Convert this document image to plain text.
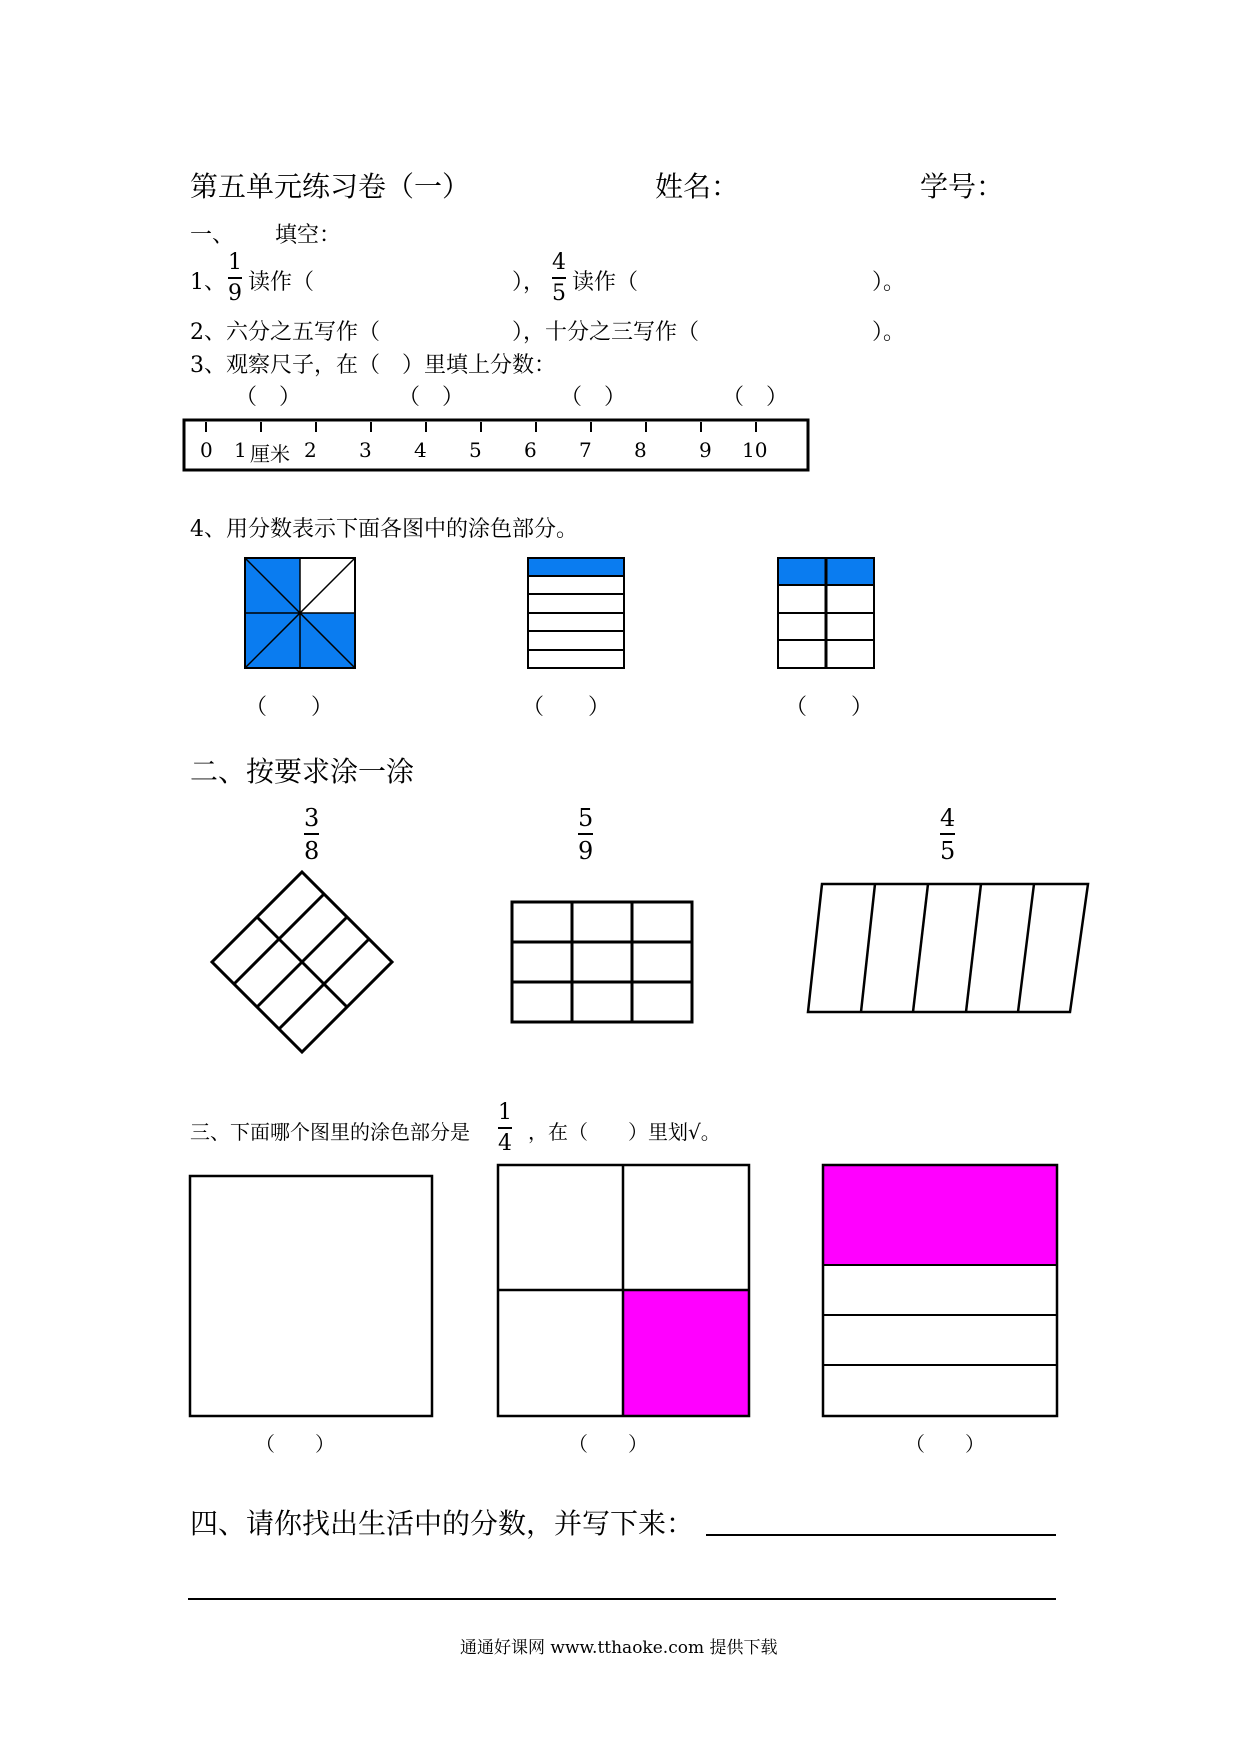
第五单元练习卷（一）	姓名：	学号：
一、 填空：
1、
1
9 读作（	），
4
5 读作（	）。
2、六分之五写作（	），十分之三写作（	）。
3、观察尺子，在（　）里填上分数：
（　）	（　）	（　）	（　）
0 1 厘米 2 3 4 5 6 7 8	9 10
4、用分数表示下面各图中的涂色部分。
（　　）	（　　）	（　　）
二、按要求涂一涂
3
8
5
9
4
5
三、下面哪个图里的涂色部分是
1
4 ，在（　　）里划√。
（　　）	（　　）	（　　）
四、请你找出生活中的分数，并写下来：
通通好课网 www.tthaoke.com 提供下载
